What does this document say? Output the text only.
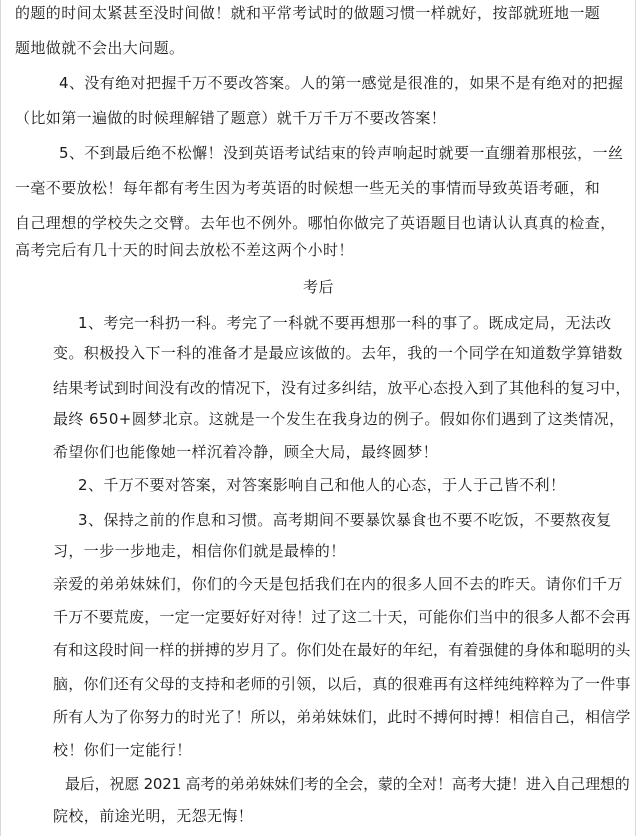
的题的时间太紧甚至没时间做！就和平常考试时的做题习惯一样就好，按部就班地一题

题地做就不会出大问题。

4、没有绝对把握千万不要改答案。人的第一感觉是很准的，如果不是有绝对的把握

（比如第一遍做的时候理解错了题意）就千万千万不要改答案！

5、不到最后绝不松懈！没到英语考试结束的铃声响起时就要一直绷着那根弦，一丝

一毫不要放松！每年都有考生因为考英语的时候想一些无关的事情而导致英语考砸，和

自己理想的学校失之交臂。去年也不例外。哪怕你做完了英语题目也请认认真真的检查，

高考完后有几十天的时间去放松不差这两个小时！

考后

1、考完一科扔一科。考完了一科就不要再想那一科的事了。既成定局，无法改

变。积极投入下一科的准备才是最应该做的。去年，我的一个同学在知道数学算错数

结果考试到时间没有改的情况下，没有过多纠结，放平心态投入到了其他科的复习中，

最终 650+圆梦北京。这就是一个发生在我身边的例子。假如你们遇到了这类情况，

希望你们也能像她一样沉着冷静，顾全大局，最终圆梦！

2、千万不要对答案，对答案影响自己和他人的心态，于人于己皆不利！

3、保持之前的作息和习惯。高考期间不要暴饮暴食也不要不吃饭，不要熬夜复

习，一步一步地走，相信你们就是最棒的！

亲爱的弟弟妹妹们，你们的今天是包括我们在内的很多人回不去的昨天。请你们千万

千万不要荒废，一定一定要好好对待！过了这二十天，可能你们当中的很多人都不会再

有和这段时间一样的拼搏的岁月了。你们处在最好的年纪，有着强健的身体和聪明的头

脑，你们还有父母的支持和老师的引领，以后，真的很难再有这样纯纯粹粹为了一件事

所有人为了你努力的时光了！所以，弟弟妹妹们，此时不搏何时搏！相信自己，相信学

校！你们一定能行！

最后，祝愿 2021 高考的弟弟妹妹们考的全会，蒙的全对！高考大捷！进入自己理想的

院校，前途光明，无怨无悔！
